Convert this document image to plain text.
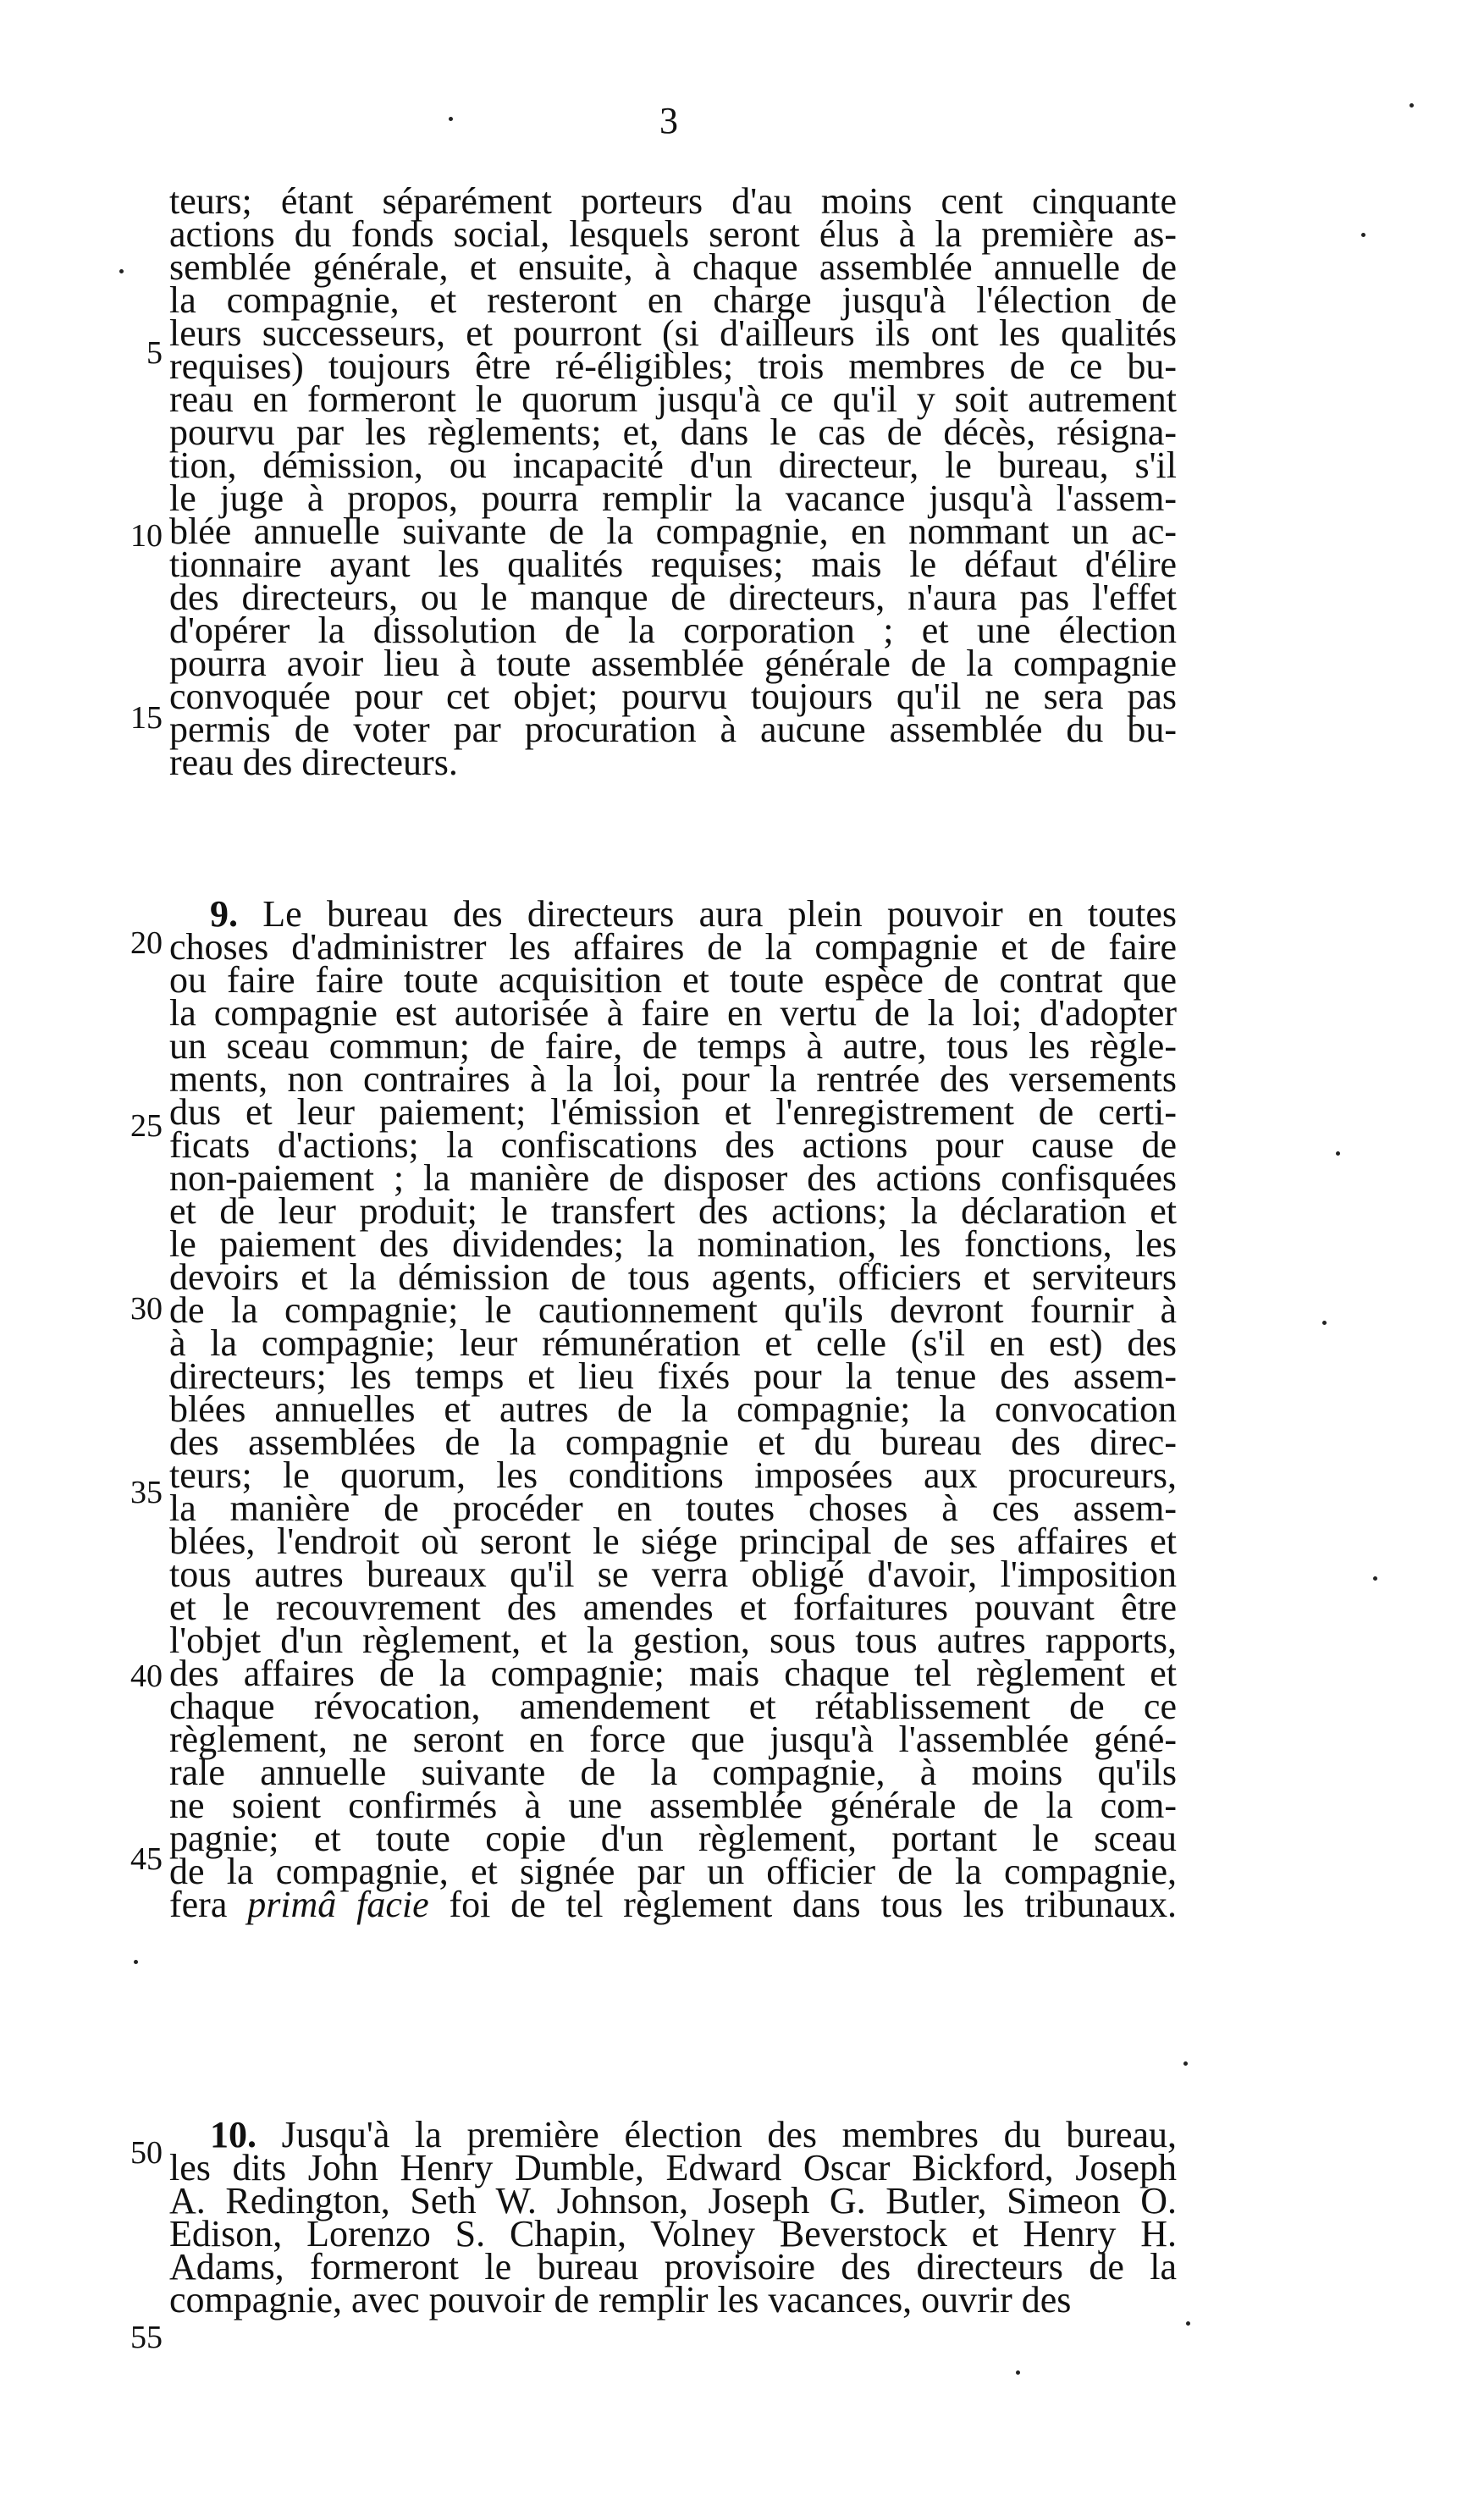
3
teurs; étant séparément porteurs d'au moins cent cinquante
actions du fonds social, lesquels seront élus à la première as-
semblée générale, et ensuite, à chaque assemblée annuelle de
la compagnie, et resteront en charge jusqu'à l'élection de
leurs successeurs, et pourront (si d'ailleurs ils ont les qualités
requises) toujours être ré-éligibles; trois membres de ce bu-
reau en formeront le quorum jusqu'à ce qu'il y soit autrement
pourvu par les règlements; et, dans le cas de décès, résigna-
tion, démission, ou incapacité d'un directeur, le bureau, s'il
le juge à propos, pourra remplir la vacance jusqu'à l'assem-
blée annuelle suivante de la compagnie, en nommant un ac-
tionnaire ayant les qualités requises; mais le défaut d'élire
des directeurs, ou le manque de directeurs, n'aura pas l'effet
d'opérer la dissolution de la corporation ; et une élection
pourra avoir lieu à toute assemblée générale de la compagnie
convoquée pour cet objet; pourvu toujours qu'il ne sera pas
permis de voter par procuration à aucune assemblée du bu-
reau des directeurs.
9. Le bureau des directeurs aura plein pouvoir en toutes
choses d'administrer les affaires de la compagnie et de faire
ou faire faire toute acquisition et toute espèce de contrat que
la compagnie est autorisée à faire en vertu de la loi; d'adopter
un sceau commun; de faire, de temps à autre, tous les règle-
ments, non contraires à la loi, pour la rentrée des versements
dus et leur paiement; l'émission et l'enregistrement de certi-
ficats d'actions; la confiscations des actions pour cause de
non-paiement ; la manière de disposer des actions confisquées
et de leur produit; le transfert des actions; la déclaration et
le paiement des dividendes; la nomination, les fonctions, les
devoirs et la démission de tous agents, officiers et serviteurs
de la compagnie; le cautionnement qu'ils devront fournir à
à la compagnie; leur rémunération et celle (s'il en est) des
directeurs; les temps et lieu fixés pour la tenue des assem-
blées annuelles et autres de la compagnie; la convocation
des assemblées de la compagnie et du bureau des direc-
teurs; le quorum, les conditions imposées aux procureurs,
la manière de procéder en toutes choses à ces assem-
blées, l'endroit où seront le siége principal de ses affaires et
tous autres bureaux qu'il se verra obligé d'avoir, l'imposition
et le recouvrement des amendes et forfaitures pouvant être
l'objet d'un règlement, et la gestion, sous tous autres rapports,
des affaires de la compagnie; mais chaque tel règlement et
chaque révocation, amendement et rétablissement de ce
règlement, ne seront en force que jusqu'à l'assemblée géné-
rale annuelle suivante de la compagnie, à moins qu'ils
ne soient confirmés à une assemblée générale de la com-
pagnie; et toute copie d'un règlement, portant le sceau
de la compagnie, et signée par un officier de la compagnie,
fera primâ facie foi de tel règlement dans tous les tribunaux.
10. Jusqu'à la première élection des membres du bureau,
les dits John Henry Dumble, Edward Oscar Bickford, Joseph
A. Redington, Seth W. Johnson, Joseph G. Butler, Simeon O.
Edison, Lorenzo S. Chapin, Volney Beverstock et Henry H.
Adams, formeront le bureau provisoire des directeurs de la
compagnie, avec pouvoir de remplir les vacances, ouvrir des
5
10
15
20
25
30
35
40
45
50
55
